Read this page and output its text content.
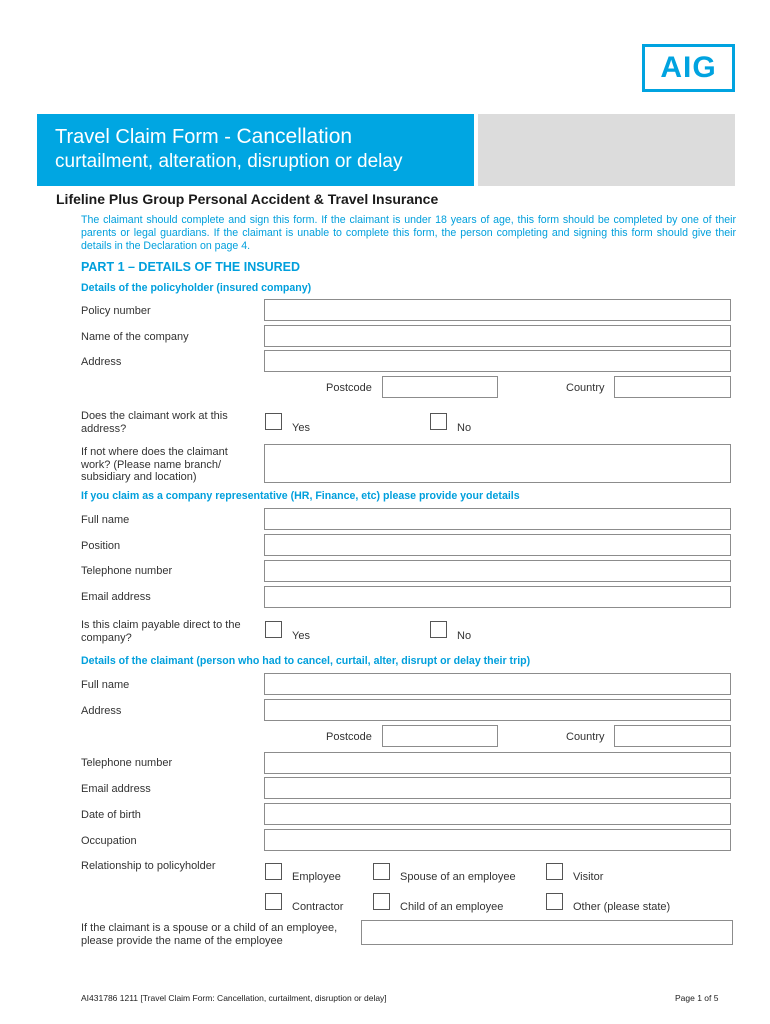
AIG
Travel Claim Form - Cancellation
curtailment, alteration, disruption or delay
Lifeline Plus Group Personal Accident & Travel Insurance
The claimant should complete and sign this form. If the claimant is under 18 years of age, this form should be completed by one of their parents or legal guardians. If the claimant is unable to complete this form, the person completing and signing this form should give their details in the Declaration on page 4.
PART 1 – DETAILS OF THE INSURED
Details of the policyholder (insured company)
Policy number
Name of the company
Address
Postcode	Country
Does the claimant work at this address?	Yes	No
If not where does the claimant work? (Please name branch/ subsidiary and location)
If you claim as a company representative (HR, Finance, etc) please provide your details
Full name
Position
Telephone number
Email address
Is this claim payable direct to the company?	Yes	No
Details of the claimant (person who had to cancel, curtail, alter, disrupt or delay their trip)
Full name
Address
Postcode	Country
Telephone number
Email address
Date of birth
Occupation
Relationship to policyholder
Employee	Spouse of an employee	Visitor
Contractor	Child of an employee	Other (please state)
If the claimant is a spouse or a child of an employee, please provide the name of the employee
AI431786 1211 [Travel Claim Form: Cancellation, curtailment, disruption or delay]	Page 1 of 5
